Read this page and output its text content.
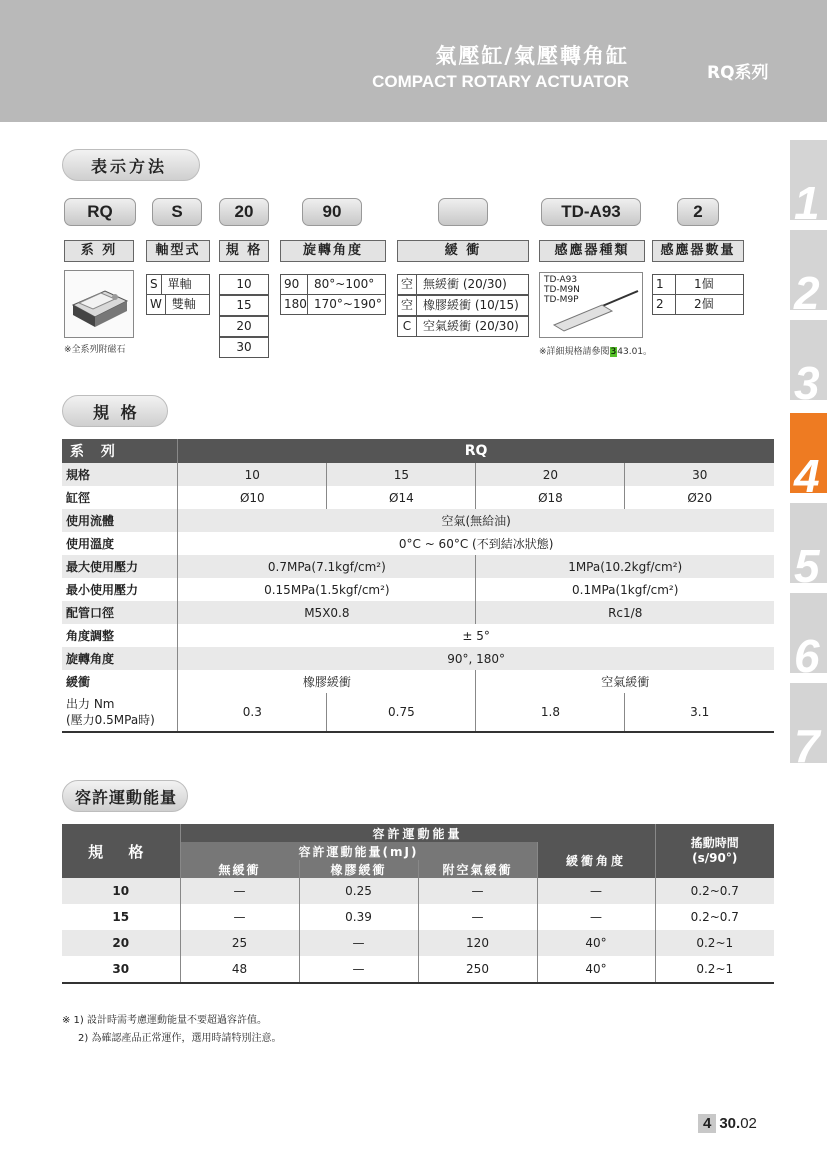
氣壓缸/氣壓轉角缸
COMPACT ROTARY ACTUATOR	RQ系列
1
2
3
4
5
6
7
表示方法
RQ	S	20	90	TD-A93	2
系 列	軸型式	規 格	旋轉角度	緩 衝	感應器種類	感應器數量
※全系列附磁石
S 單軸
W 雙軸
10
15
20
30
90 80°~100°
180 170°~190°
空 無緩衝 (20/30)
空 橡膠緩衝 (10/15)
C 空氣緩衝 (20/30)
TD-A93
TD-M9N
TD-M9P
※詳細規格請參閱343.01。
1	1個
2	2個
規 格
系 列	RQ			
規格	10	15	20	30
缸徑	Ø10	Ø14	Ø18	Ø20
使用流體	空氣(無給油)			
使用溫度	0°C ~ 60°C (不到結冰狀態)			
最大使用壓力	0.7MPa(7.1kgf/cm²)		1MPa(10.2kgf/cm²)	
最小使用壓力	0.15MPa(1.5kgf/cm²)		0.1MPa(1kgf/cm²)	
配管口徑	M5X0.8		Rc1/8	
角度調整	± 5°			
旋轉角度	90°, 180°			
緩衝	橡膠緩衝		空氣緩衝	

出力 Nm
(壓力0.5MPa時)	0.3	0.75	1.8	3.1
容許運動能量
規 格	容許運動能量				搖動時間
(s/90°)

	容許運動能量(mJ)			緩衝角度	
	無緩衝	橡膠緩衝	附空氣緩衝		
10	—	0.25	—	—	0.2~0.7
15	—	0.39	—	—	0.2~0.7
20	25	—	120	40°	0.2~1
30	48	—	250	40°	0.2~1
※ 1) 設計時需考慮運動能量不要超過容許值。
2) 為確認產品正常運作，選用時請特別注意。
4 30.02
